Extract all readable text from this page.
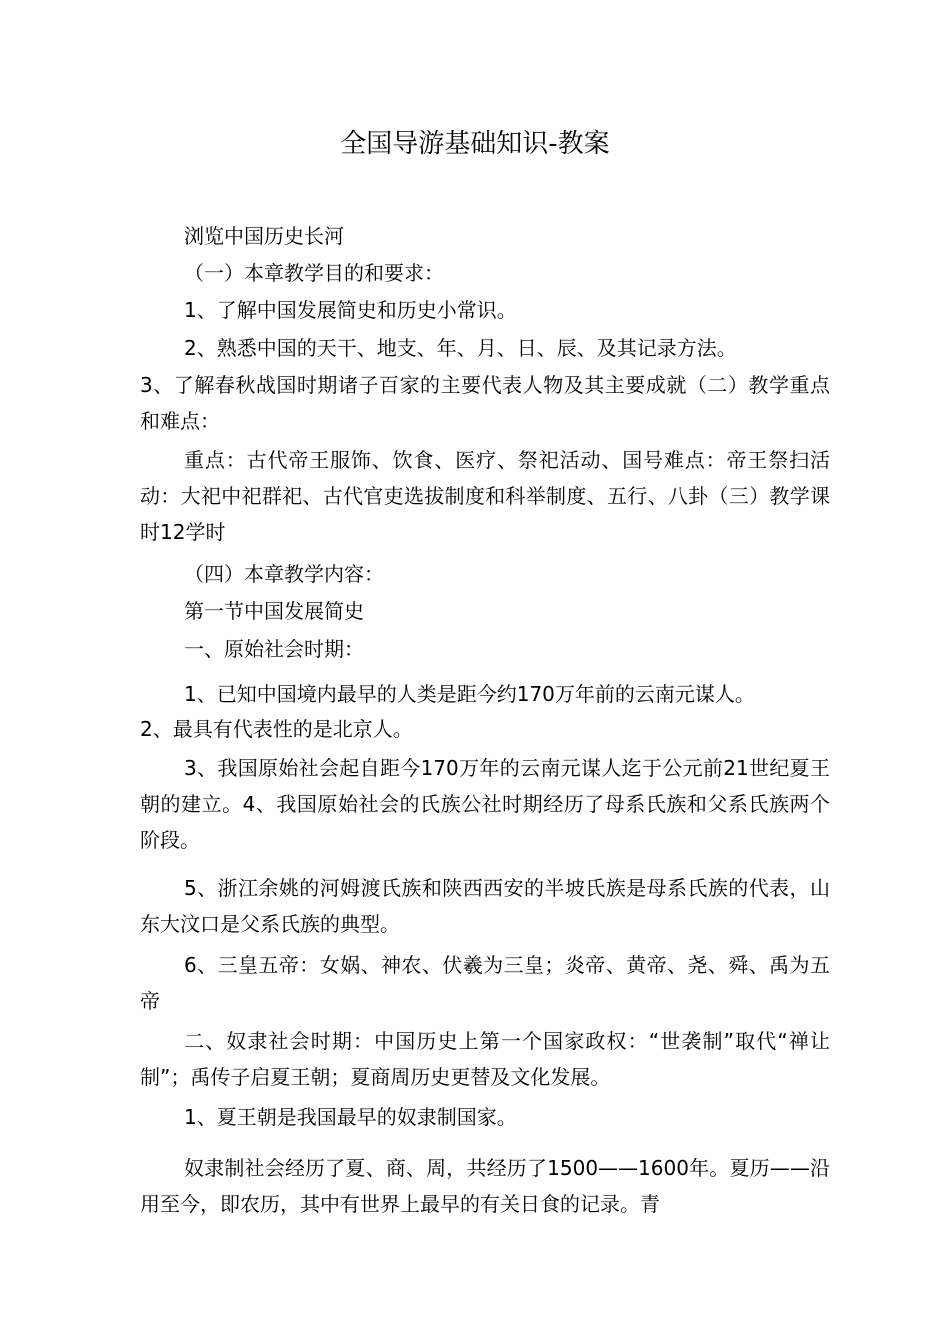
全国导游基础知识-教案

浏览中国历史长河

（一）本章教学目的和要求：

1、了解中国发展简史和历史小常识。

2、熟悉中国的天干、地支、年、月、日、辰、及其记录方法。

3、了解春秋战国时期诸子百家的主要代表人物及其主要成就（二）教学重点和难点：

重点：古代帝王服饰、饮食、医疗、祭祀活动、国号难点：帝王祭扫活动：大祀中祀群祀、古代官吏选拔制度和科举制度、五行、八卦（三）教学课时12学时

（四）本章教学内容：

第一节中国发展简史

一、原始社会时期：

1、已知中国境内最早的人类是距今约170万年前的云南元谋人。

2、最具有代表性的是北京人。

3、我国原始社会起自距今170万年的云南元谋人迄于公元前21世纪夏王朝的建立。4、我国原始社会的氏族公社时期经历了母系氏族和父系氏族两个阶段。

5、浙江余姚的河姆渡氏族和陕西西安的半坡氏族是母系氏族的代表，山东大汶口是父系氏族的典型。

6、三皇五帝：女娲、神农、伏羲为三皇；炎帝、黄帝、尧、舜、禹为五帝

二、奴隶社会时期：中国历史上第一个国家政权：“世袭制”取代“禅让制”；禹传子启夏王朝；夏商周历史更替及文化发展。

1、夏王朝是我国最早的奴隶制国家。

奴隶制社会经历了夏、商、周，共经历了1500——1600年。夏历——沿用至今，即农历，其中有世界上最早的有关日食的记录。青
